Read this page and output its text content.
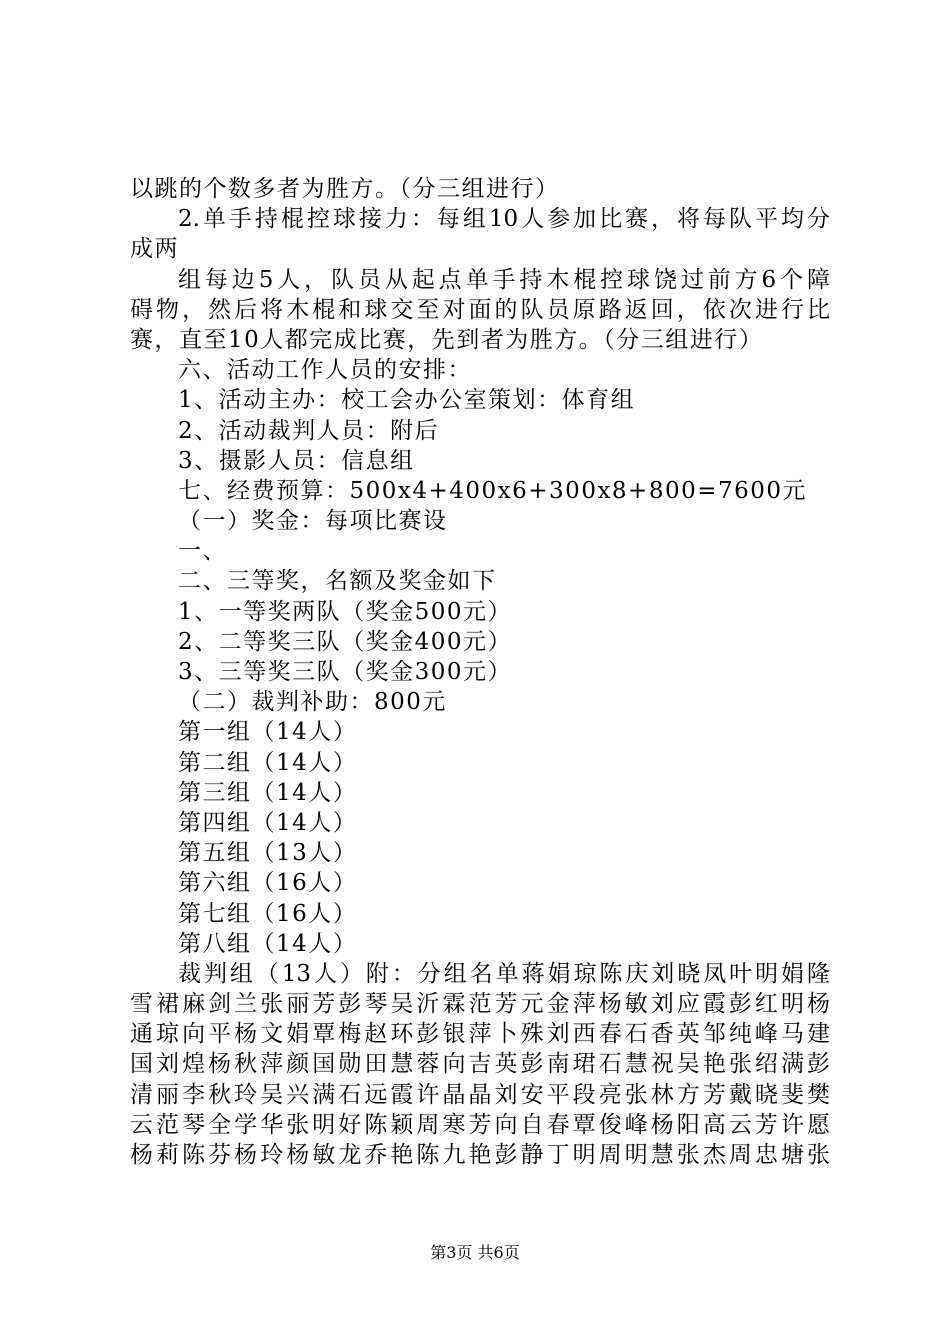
以跳的个数多者为胜方。（分三组进行）
2.单手持棍控球接力：每组10人参加比赛，将每队平均分
成两
组每边5人，队员从起点单手持木棍控球饶过前方6个障
碍物，然后将木棍和球交至对面的队员原路返回，依次进行比
赛，直至10人都完成比赛，先到者为胜方。（分三组进行）
六、活动工作人员的安排：
1、活动主办：校工会办公室策划：体育组
2、活动裁判人员：附后
3、摄影人员：信息组
七、经费预算：500x4+400x6+300x8+800=7600元
（一）奖金：每项比赛设
一、
二、三等奖，名额及奖金如下
1、一等奖两队（奖金500元）
2、二等奖三队（奖金400元）
3、三等奖三队（奖金300元）
（二）裁判补助：800元
第一组（14人）
第二组（14人）
第三组（14人）
第四组（14人）
第五组（13人）
第六组（16人）
第七组（16人）
第八组（14人）
裁判组（13人）附：分组名单蒋娟琼陈庆刘晓凤叶明娟隆
雪裙麻剑兰张丽芳彭琴吴沂霖范芳元金萍杨敏刘应霞彭红明杨
通琼向平杨文娟覃梅赵环彭银萍卜殊刘西春石香英邹纯峰马建
国刘煌杨秋萍颜国勋田慧蓉向吉英彭南珺石慧祝吴艳张绍满彭
清丽李秋玲吴兴满石远霞许晶晶刘安平段亮张林方芳戴晓斐樊
云范琴全学华张明好陈颖周寒芳向自春覃俊峰杨阳高云芳许愿
杨莉陈芬杨玲杨敏龙乔艳陈九艳彭静丁明周明慧张杰周忠塘张
第3页 共6页
